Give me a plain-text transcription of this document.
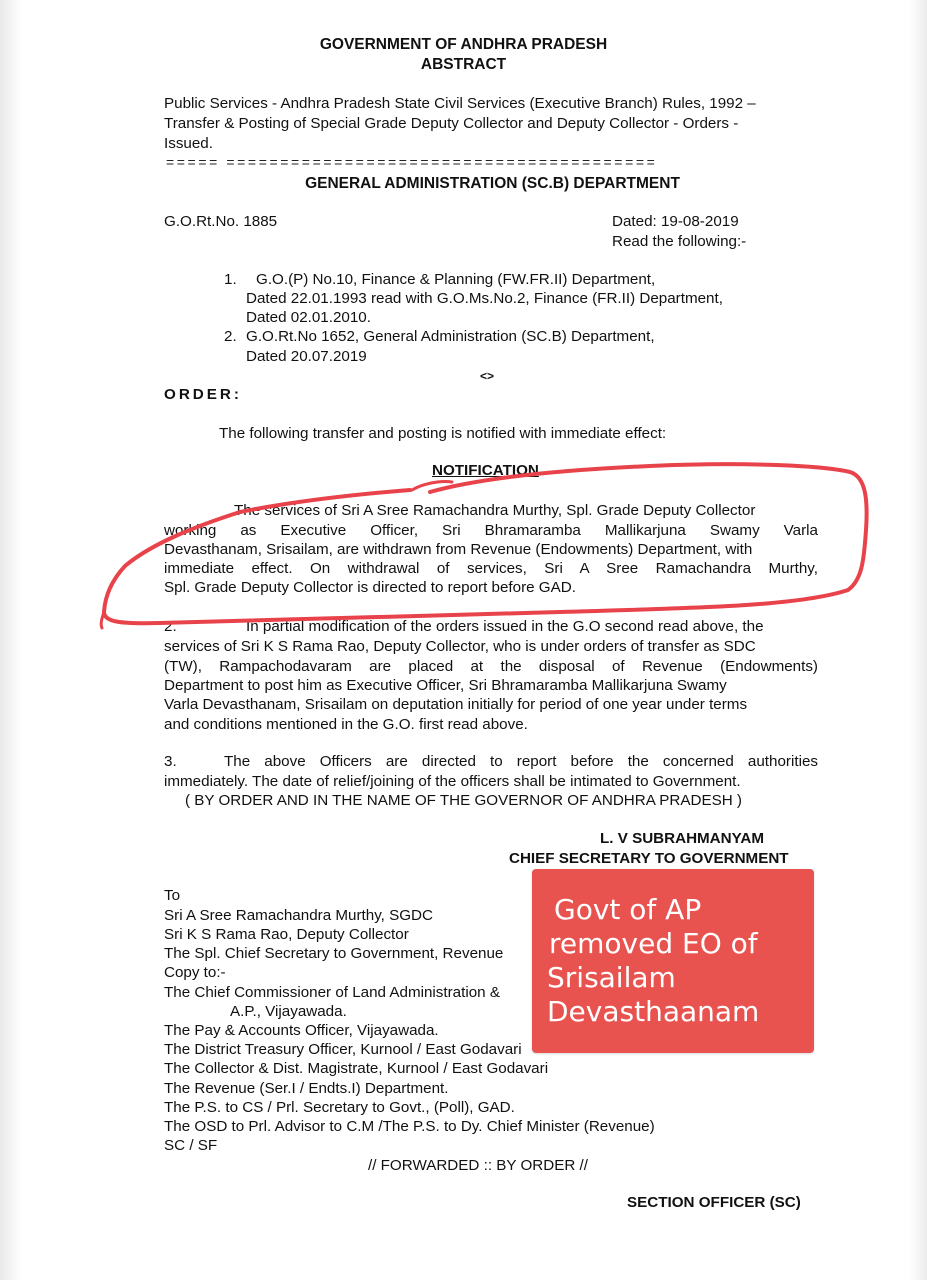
GOVERNMENT OF ANDHRA PRADESH
ABSTRACT
Public Services - Andhra Pradesh State Civil Services (Executive Branch) Rules, 1992 –
Transfer & Posting of Special Grade Deputy Collector and Deputy Collector - Orders -
Issued.
===== ========================================
GENERAL ADMINISTRATION (SC.B) DEPARTMENT
G.O.Rt.No. 1885	Dated: 19-08-2019
Read the following:-
1. G.O.(P) No.10, Finance & Planning (FW.FR.II) Department,
Dated 22.01.1993 read with G.O.Ms.No.2, Finance (FR.II) Department,
Dated 02.01.2010.
2. G.O.Rt.No 1652, General Administration (SC.B) Department,
Dated 20.07.2019
<>
ORDER:
The following transfer and posting is notified with immediate effect:
NOTIFICATION
The services of Sri A Sree Ramachandra Murthy, Spl. Grade Deputy Collector
working as Executive Officer, Sri Bhramaramba Mallikarjuna Swamy Varla
Devasthanam, Srisailam, are withdrawn from Revenue (Endowments) Department, with
immediate effect. On withdrawal of services, Sri A Sree Ramachandra Murthy,
Spl. Grade Deputy Collector is directed to report before GAD.
2.	In partial modification of the orders issued in the G.O second read above, the
services of Sri K S Rama Rao, Deputy Collector, who is under orders of transfer as SDC
(TW), Rampachodavaram are placed at the disposal of Revenue (Endowments)
Department to post him as Executive Officer, Sri Bhramaramba Mallikarjuna Swamy
Varla Devasthanam, Srisailam on deputation initially for period of one year under terms
and conditions mentioned in the G.O. first read above.
3.	The above Officers are directed to report before the concerned authorities
immediately. The date of relief/joining of the officers shall be intimated to Government.
( BY ORDER AND IN THE NAME OF THE GOVERNOR OF ANDHRA PRADESH )
L. V SUBRAHMANYAM
CHIEF SECRETARY TO GOVERNMENT
To
Sri A Sree Ramachandra Murthy, SGDC
Sri K S Rama Rao, Deputy Collector
The Spl. Chief Secretary to Government, Revenue
Copy to:-
The Chief Commissioner of Land Administration &
A.P., Vijayawada.
The Pay & Accounts Officer, Vijayawada.
The District Treasury Officer, Kurnool / East Godavari
The Collector & Dist. Magistrate, Kurnool / East Godavari
The Revenue (Ser.I / Endts.I) Department.
The P.S. to CS / Prl. Secretary to Govt., (Poll), GAD.
The OSD to Prl. Advisor to C.M /The P.S. to Dy. Chief Minister (Revenue)
SC / SF
// FORWARDED :: BY ORDER //
SECTION OFFICER (SC)
Govt of AP
removed EO of
Srisailam
Devasthaanam
